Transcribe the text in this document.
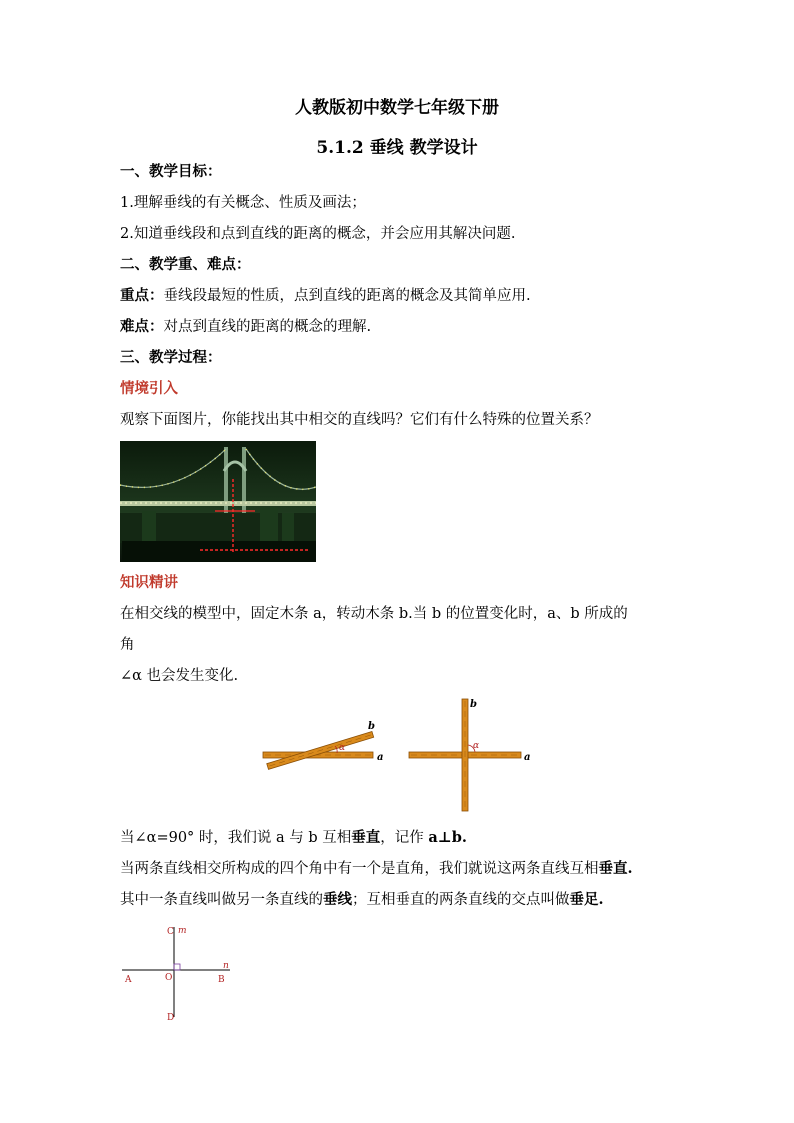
人教版初中数学七年级下册
5.1.2 垂线 教学设计
一、教学目标：
1.理解垂线的有关概念、性质及画法；
2.知道垂线段和点到直线的距离的概念，并会应用其解决问题.
二、教学重、难点：
重点：垂线段最短的性质，点到直线的距离的概念及其简单应用.
难点：对点到直线的距离的概念的理解.
三、教学过程：
情境引入
观察下面图片，你能找出其中相交的直线吗？它们有什么特殊的位置关系？
知识精讲
在相交线的模型中，固定木条 a，转动木条 b.当 b 的位置变化时，a、b 所成的
角
∠α 也会发生变化.
α
a
b
α
a
b
当∠α=90° 时，我们说 a 与 b 互相垂直，记作 a⊥b.
当两条直线相交所构成的四个角中有一个是直角，我们就说这两条直线互相垂直.
其中一条直线叫做另一条直线的垂线；互相垂直的两条直线的交点叫做垂足.
C m
n
A	O	B
D
